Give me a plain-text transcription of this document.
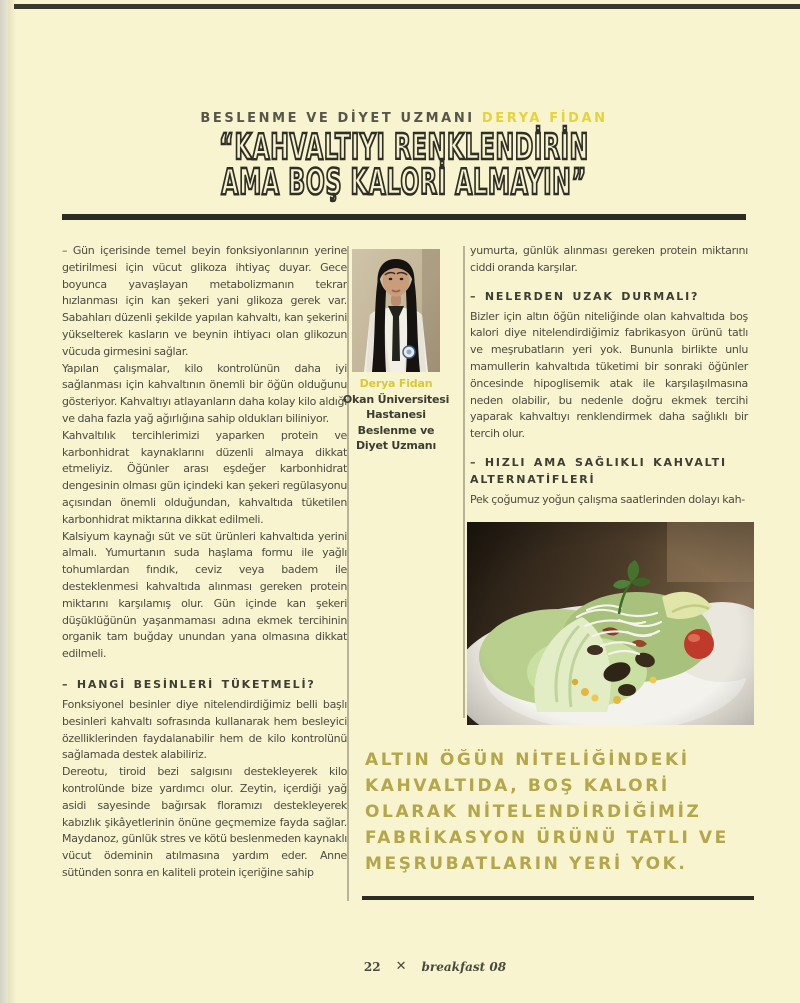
BESLENME VE DİYET UZMANI DERYA FİDAN
“KAHVALTIYI RENKLENDİRİN
AMA BOŞ KALORİ ALMAYIN”

– Gün içerisinde temel beyin fonksiyonlarının yerine getirilmesi için vücut glikoza ihtiyaç duyar. Gece boyunca yavaşlayan metabolizmanın tekrar hızlanması için kan şekeri yani glikoza gerek var. Sabahları düzenli şekilde yapılan kahvaltı, kan şekerini yükselterek kasların ve beynin ihtiyacı olan glikozun vücuda girmesini sağlar.

Yapılan çalışmalar, kilo kontrolünün daha iyi sağlanması için kahvaltının önemli bir öğün olduğunu gösteriyor. Kahvaltıyı atlayanların daha kolay kilo aldığı ve daha fazla yağ ağırlığına sahip oldukları biliniyor.

Kahvaltılık tercihlerimizi yaparken protein ve karbonhidrat kaynaklarını düzenli almaya dikkat etmeliyiz. Öğünler arası eşdeğer karbonhidrat dengesinin olması gün içindeki kan şekeri regülasyonu açısından önemli olduğundan, kahvaltıda tüketilen karbonhidrat miktarına dikkat edilmeli.

Kalsiyum kaynağı süt ve süt ürünleri kahvaltıda yerini almalı. Yumurtanın suda haşlama formu ile yağlı tohumlardan fındık, ceviz veya badem ile desteklenmesi kahvaltıda alınması gereken protein miktarını karşılamış olur. Gün içinde kan şekeri düşüklüğünün yaşanmaması adına ekmek tercihinin organik tam buğday unundan yana olmasına dikkat edilmeli.

– HANGİ BESİNLERİ TÜKETMELİ?

Fonksiyonel besinler diye nitelendirdiğimiz belli başlı besinleri kahvaltı sofrasında kullanarak hem besleyici özelliklerinden faydalanabilir hem de kilo kontrolünü sağlamada destek alabiliriz.

Dereotu, tiroid bezi salgısını destekleyerek kilo kontrolünde bize yardımcı olur. Zeytin, içerdiği yağ asidi sayesinde bağırsak floramızı destekleyerek kabızlık şikâyetlerinin önüne geçmemize fayda sağlar. Maydanoz, günlük stres ve kötü beslenmeden kaynaklı vücut ödeminin atılmasına yardım eder. Anne sütünden sonra en kaliteli protein içeriğine sahip

Derya Fidan
Okan Üniversitesi Hastanesi Beslenme ve Diyet Uzmanı

yumurta, günlük alınması gereken protein miktarını ciddi oranda karşılar.

– NELERDEN UZAK DURMALI?

Bizler için altın öğün niteliğinde olan kahvaltıda boş kalori diye nitelendirdiğimiz fabrikasyon ürünü tatlı ve meşrubatların yeri yok. Bununla birlikte unlu mamullerin kahvaltıda tüketimi bir sonraki öğünler öncesinde hipoglisemik atak ile karşılaşılmasına neden olabilir, bu nedenle doğru ekmek tercihi yaparak kahvaltıyı renklendirmek daha sağlıklı bir tercih olur.

– HIZLI AMA SAĞLIKLI KAHVALTI ALTERNATİFLERİ

Pek çoğumuz yoğun çalışma saatlerinden dolayı kah-

ALTIN ÖĞÜN NİTELİĞİNDEKİ KAHVALTIDA, BOŞ KALORİ OLARAK NİTELENDİRDİĞİMİZ FABRİKASYON ÜRÜNÜ TATLI VE MEŞRUBATLARIN YERİ YOK.
22 ✕ breakfast 08
